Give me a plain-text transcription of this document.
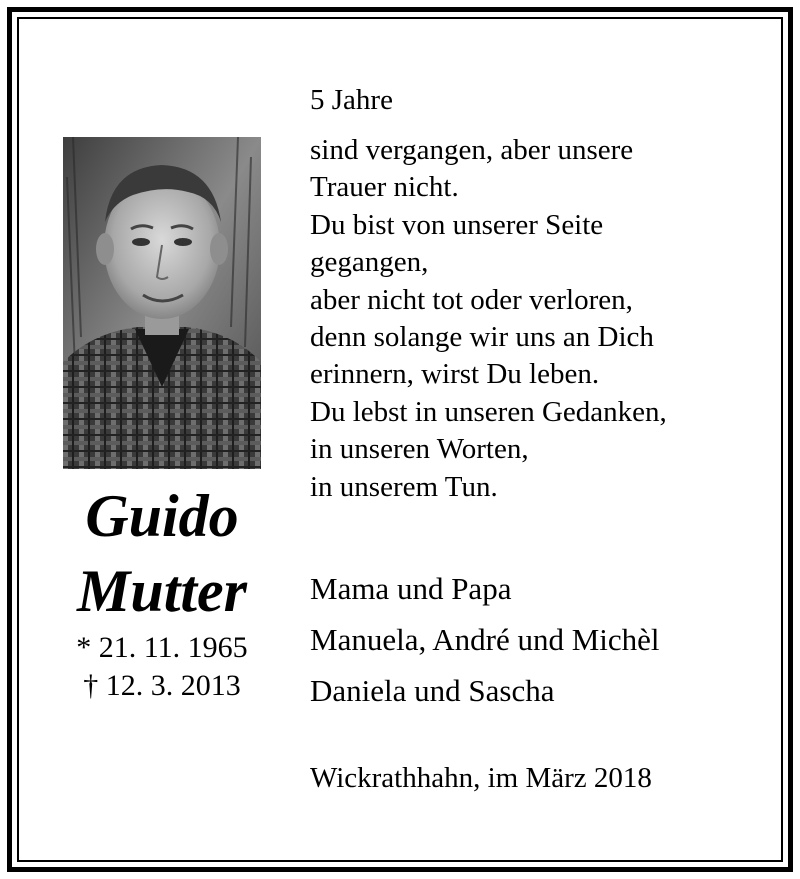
Guido
Mutter
* 21. 11. 1965
† 12. 3. 2013
5 Jahre
sind vergangen, aber unsere
Trauer nicht.
Du bist von unserer Seite
gegangen,
aber nicht tot oder verloren,
denn solange wir uns an Dich
erinnern, wirst Du leben.
Du lebst in unseren Gedanken,
in unseren Worten,
in unserem Tun.
Mama und Papa
Manuela, André und Michèl
Daniela und Sascha
Wickrathhahn, im März 2018
